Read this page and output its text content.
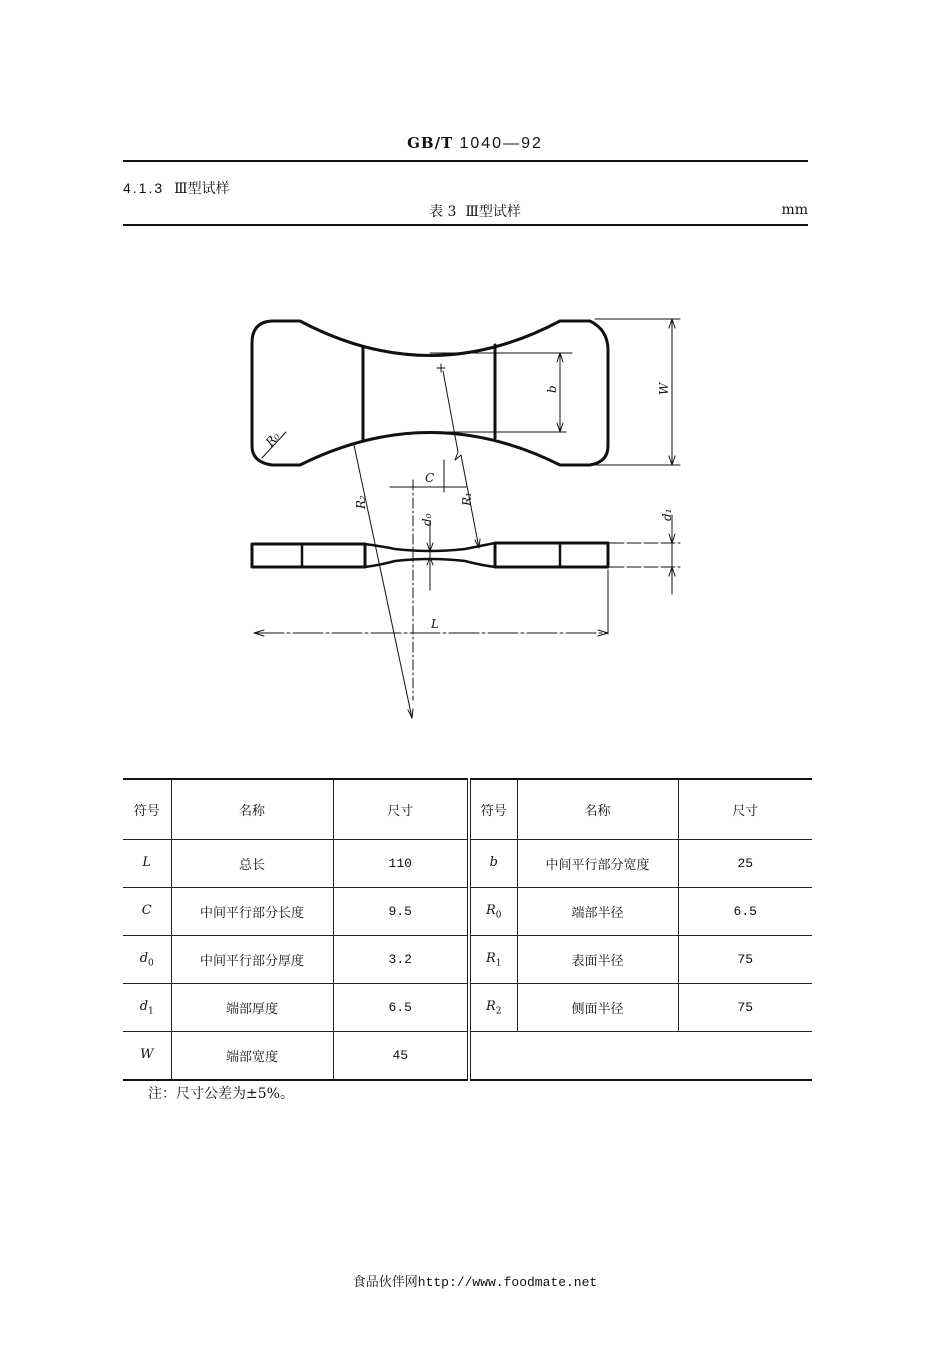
GB/T 1040—92
4.1.3 Ⅲ型试样
表 3 Ⅲ型试样	mm
R₀
b	W
C
R₁
R₂
d₀	d₁
L
符号	名称	尺寸	符号	名称	尺寸
L	总长	110	b	中间平行部分宽度	25
C	中间平行部分长度	9.5	$R_0$	端部半径	6.5
$d_0$	中间平行部分厚度	3.2	$R_1$	表面半径	75
$d_1$	端部厚度	6.5	$R_2$	侧面半径	75
W	端部宽度	45			
注：尺寸公差为±5%。
食品伙伴网http://www.foodmate.net
